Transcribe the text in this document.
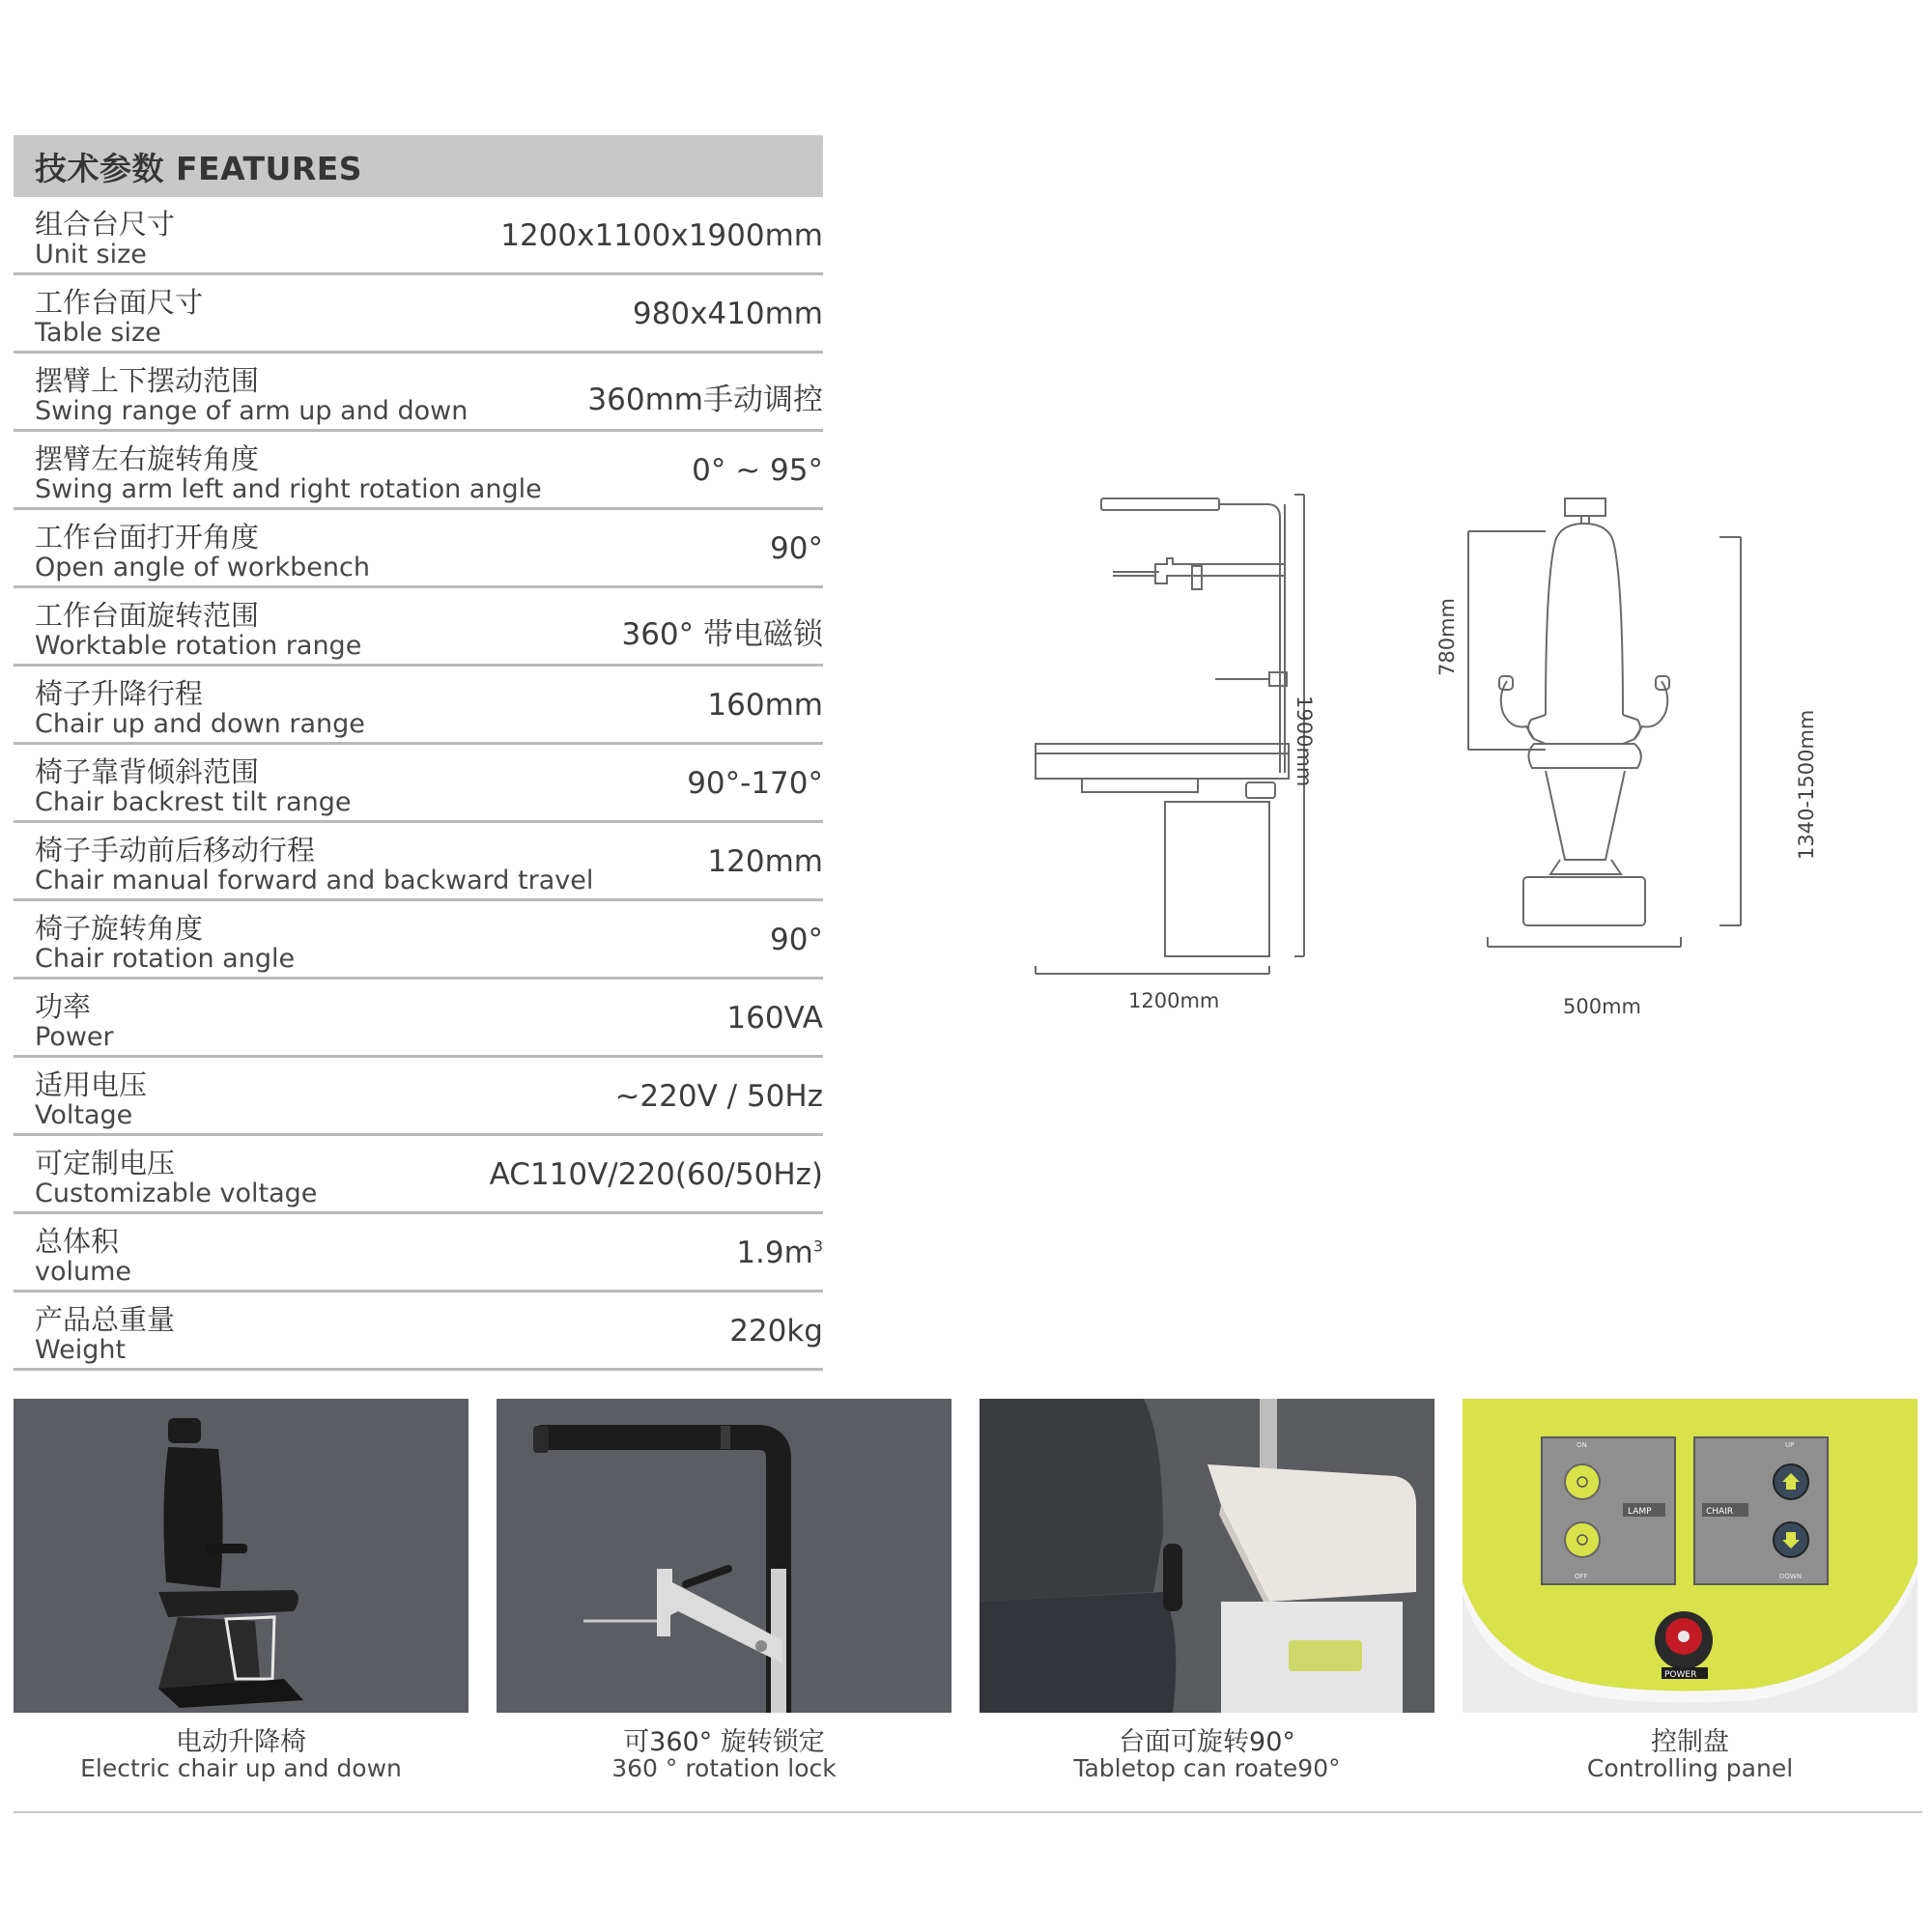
技术参数 FEATURES
组合台尺寸
Unit size
1200x1100x1900mm
工作台面尺寸
Table size
980x410mm
摆臂上下摆动范围
Swing range of arm up and down	360mm手动调控
摆臂左右旋转角度
Swing arm left and right rotation angle
0° ~ 95°
工作台面打开角度
Open angle of workbench
90°
工作台面旋转范围
Worktable rotation range	360° 带电磁锁
椅子升降行程
Chair up and down range
160mm
椅子靠背倾斜范围
Chair backrest tilt range
90°-170°
椅子手动前后移动行程
Chair manual forward and backward travel
120mm
椅子旋转角度
Chair rotation angle
90°
功率
Power
160VA
适用电压
Voltage
~220V / 50Hz
可定制电压
Customizable voltage
AC110V/220(60/50Hz)
总体积
volume
$1.9m^3$
产品总重量
Weight
220kg
1200mm
1900mm
780mm
1340-1500mm
500mm
电动升降椅
Electric chair up and down
可360° 旋转锁定
360 ° rotation lock
台面可旋转90°
Tabletop can roate90°
ON
OFF
LAMP
UP
DOWN
CHAIR
POWER
控制盘
Controlling panel
